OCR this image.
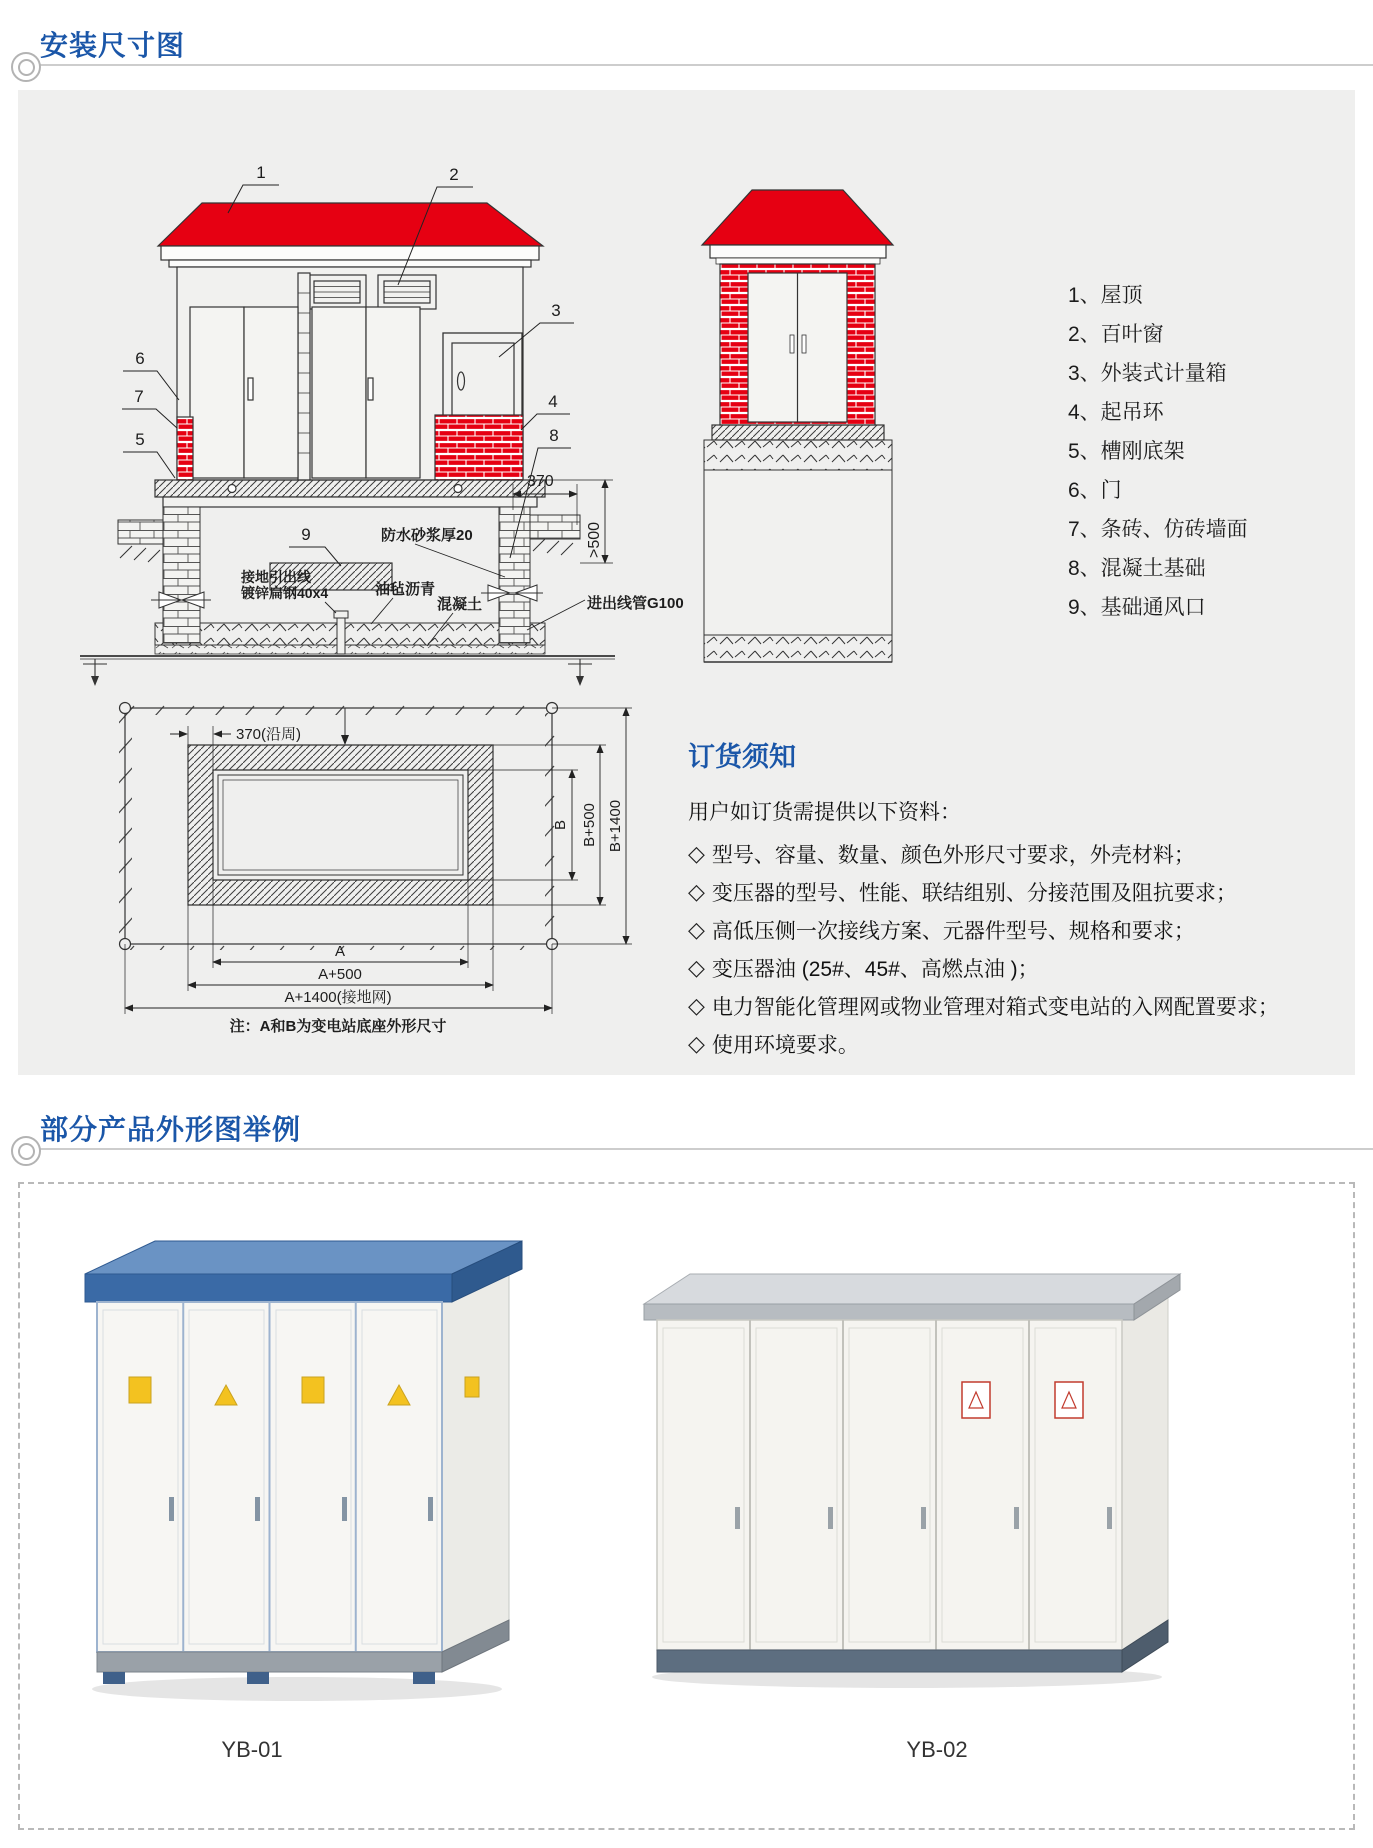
安装尺寸图
370
>500
防水砂浆厚20
接地引出线
镀锌扁钢40x4	油毡沥青
混凝土	进出线管G100
1	2
3
4
5
6
7
8
9
370(沿周)
B B+500 B+1400
A
A+500
A+1400(接地网)
注：A和B为变电站底座外形尺寸
1、屋顶
2、百叶窗
3、外装式计量箱
4、起吊环
5、槽刚底架
6、门
7、条砖、仿砖墙面
8、混凝土基础
9、基础通风口
订货须知
用户如订货需提供以下资料：
◇ 型号、容量、数量、颜色外形尺寸要求，外壳材料；
◇ 变压器的型号、性能、联结组别、分接范围及阻抗要求；
◇ 高低压侧一次接线方案、元器件型号、规格和要求；
◇ 变压器油 (25#、45#、高燃点油 )；
◇ 电力智能化管理网或物业管理对箱式变电站的入网配置要求；
◇ 使用环境要求。
部分产品外形图举例
YB-01	YB-02
